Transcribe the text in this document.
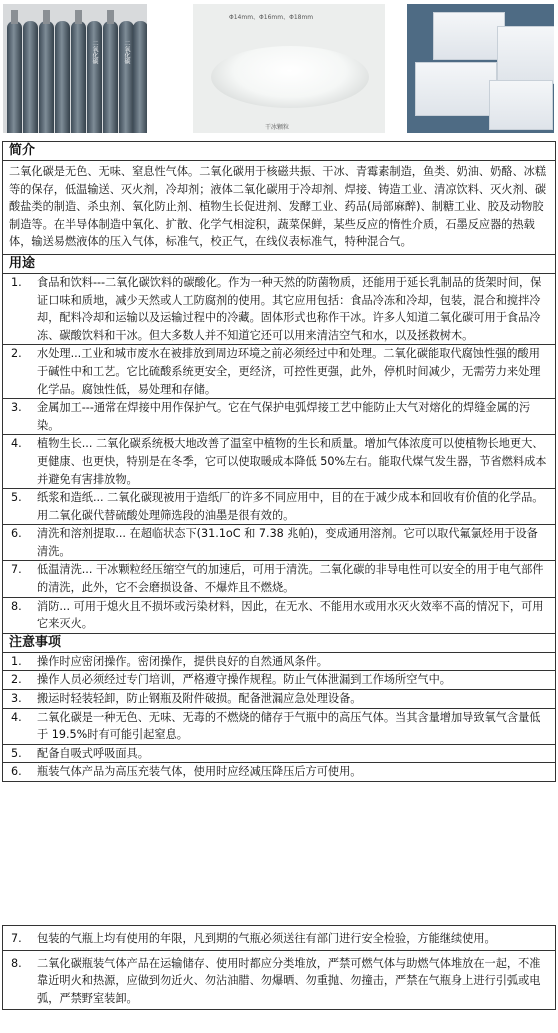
二氧化碳	二氧化碳
Φ14mm、Φ16mm、Φ18mm
干冰颗粒
简介
二氧化碳是无色、无味、窒息性气体。二氧化碳用于核磁共振、干冰、青霉素制造，鱼类、奶油、奶酪、冰糕等的保存，低温输送、灭火剂，冷却剂；液体二氧化碳用于冷却剂、焊接、铸造工业、清凉饮料、灭火剂、碳酸盐类的制造、杀虫剂、氧化防止剂、植物生长促进剂、发酵工业、药品(局部麻醉)、制糖工业、胶及动物胶制造等。在半导体制造中氧化、扩散、化学气相淀积，蔬菜保鲜，某些反应的惰性介质，石墨反应器的热载体，输送易燃液体的压入气体，标准气，校正气，在线仪表标准气，特种混合气。
用途
1.	食品和饮料---二氧化碳饮料的碳酸化。作为一种天然的防菌物质，还能用于延长乳制品的货架时间，保证口味和质地，减少天然或人工防腐剂的使用。其它应用包括：食品冷冻和冷却，包装，混合和搅拌冷却，配料冷却和运输以及运输过程中的冷藏。固体形式也称作干冰。许多人知道二氧化碳可用于食品冷冻、碳酸饮料和干冰。但大多数人并不知道它还可以用来清洁空气和水，以及拯救树木。
2.	水处理...工业和城市废水在被排放到周边环境之前必须经过中和处理。二氧化碳能取代腐蚀性强的酸用于碱性中和工艺。它比硫酸系统更安全，更经济，可控性更强，此外，停机时间减少，无需劳力来处理化学品。腐蚀性低，易处理和存储。
3.	金属加工---通常在焊接中用作保护气。它在气保护电弧焊接工艺中能防止大气对熔化的焊缝金属的污染。
4.	植物生长... 二氧化碳系统极大地改善了温室中植物的生长和质量。增加气体浓度可以使植物长地更大、更健康、也更快，特别是在冬季，它可以使取暖成本降低 50%左右。能取代煤气发生器，节省燃料成本并避免有害排放物。
5.	纸浆和造纸... 二氧化碳现被用于造纸厂的许多不同应用中，目的在于减少成本和回收有价值的化学品。用二氧化碳代替硫酸处理筛选段的油墨是很有效的。
6.	清洗和溶剂提取... 在超临状态下(31.1oC 和 7.38 兆帕)，变成通用溶剂。它可以取代氟氯烃用于设备清洗。
7.	低温清洗... 干冰颗粒经压缩空气的加速后，可用于清洗。二氧化碳的非导电性可以安全的用于电气部件的清洗，此外，它不会磨损设备、不爆炸且不燃烧。
8.	消防... 可用于熄火且不损坏或污染材料，因此，在无水、不能用水或用水灭火效率不高的情况下，可用它来灭火。
注意事项
1.	操作时应密闭操作。密闭操作，提供良好的自然通风条件。
2.	操作人员必须经过专门培训，严格遵守操作规程。防止气体泄漏到工作场所空气中。
3.	搬运时轻装轻卸，防止钢瓶及附件破损。配备泄漏应急处理设备。
4.	二氧化碳是一种无色、无味、无毒的不燃烧的储存于气瓶中的高压气体。当其含量增加导致氧气含量低于 19.5%时有可能引起窒息。
5.	配备自吸式呼吸面具。
6.	瓶装气体产品为高压充装气体，使用时应经减压降压后方可使用。
7.	包装的气瓶上均有使用的年限，凡到期的气瓶必须送往有部门进行安全检验，方能继续使用。
8.	二氧化碳瓶装气体产品在运输储存、使用时都应分类堆放，严禁可燃气体与助燃气体堆放在一起，不准靠近明火和热源，应做到勿近火、勿沾油腊、勿爆晒、勿重抛、勿撞击，严禁在气瓶身上进行引弧或电弧，严禁野室装卸。
